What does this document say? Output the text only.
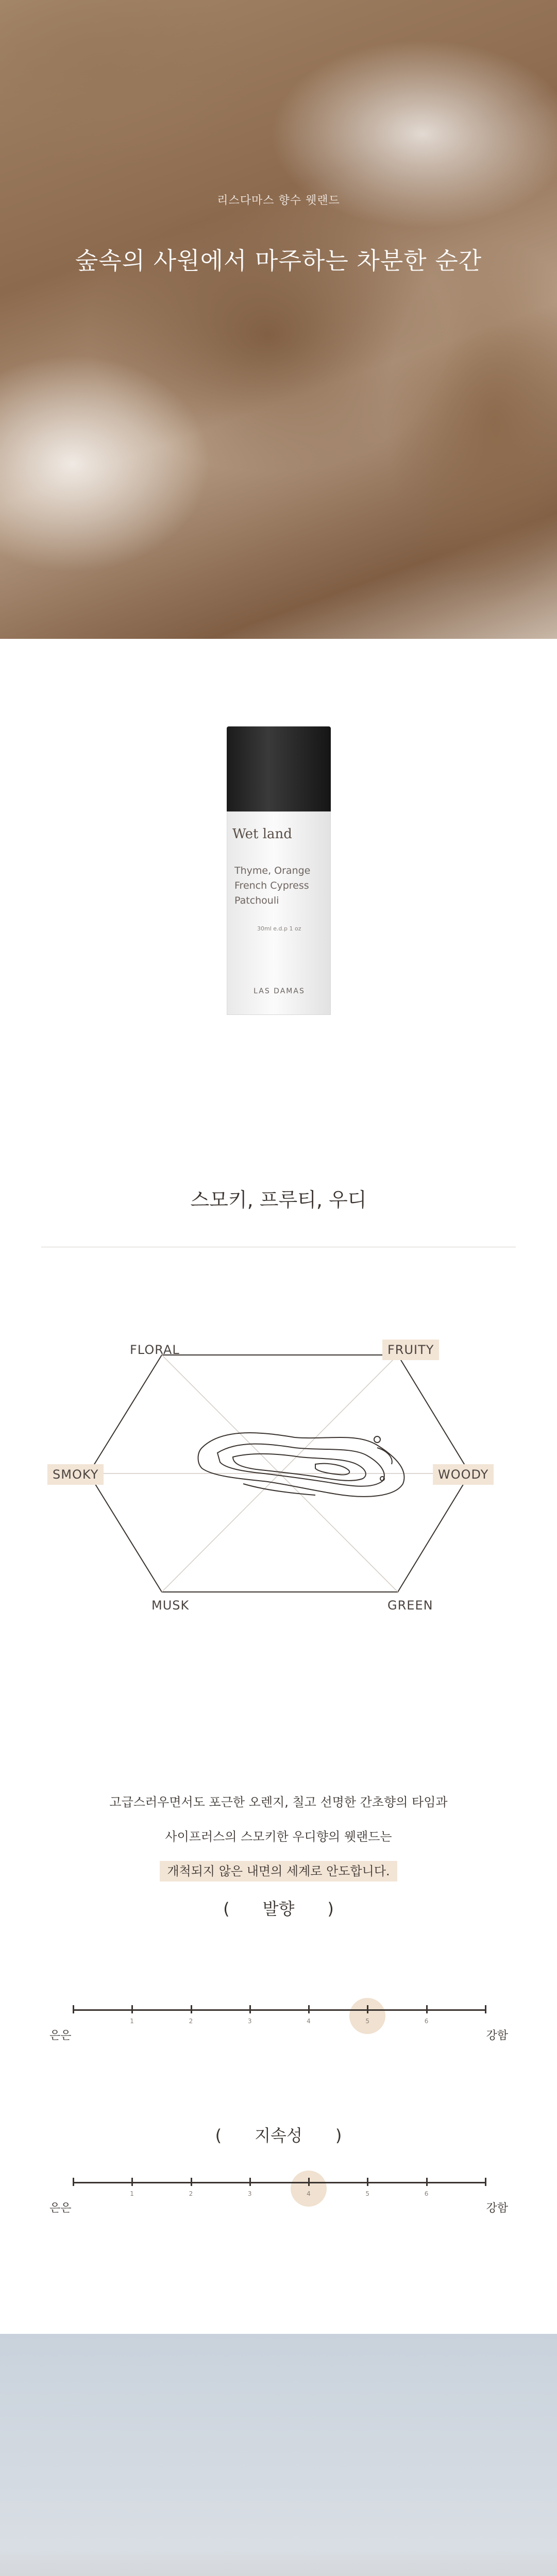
리스다마스 향수 웻랜드
숲속의 사원에서 마주하는 차분한 순간
Wet land
Thyme, Orange
French Cypress
Patchouli
30ml e.d.p 1 oz
LAS DAMAS
스모키, 프루티, 우디
FLORAL	FRUITY
WOODY
GREEN
MUSK
SMOKY
고급스러우면서도 포근한 오렌지, 칠고 선명한 간초향의 타임과
사이프러스의 스모키한 우디향의 웻랜드는
개척되지 않은 내면의 세계로 안도합니다.
(　　발향　　)
은은	강함
1	2	3	4	5	6
(　　지속성　　)
은은	강함
1	2	3	4	5	6
